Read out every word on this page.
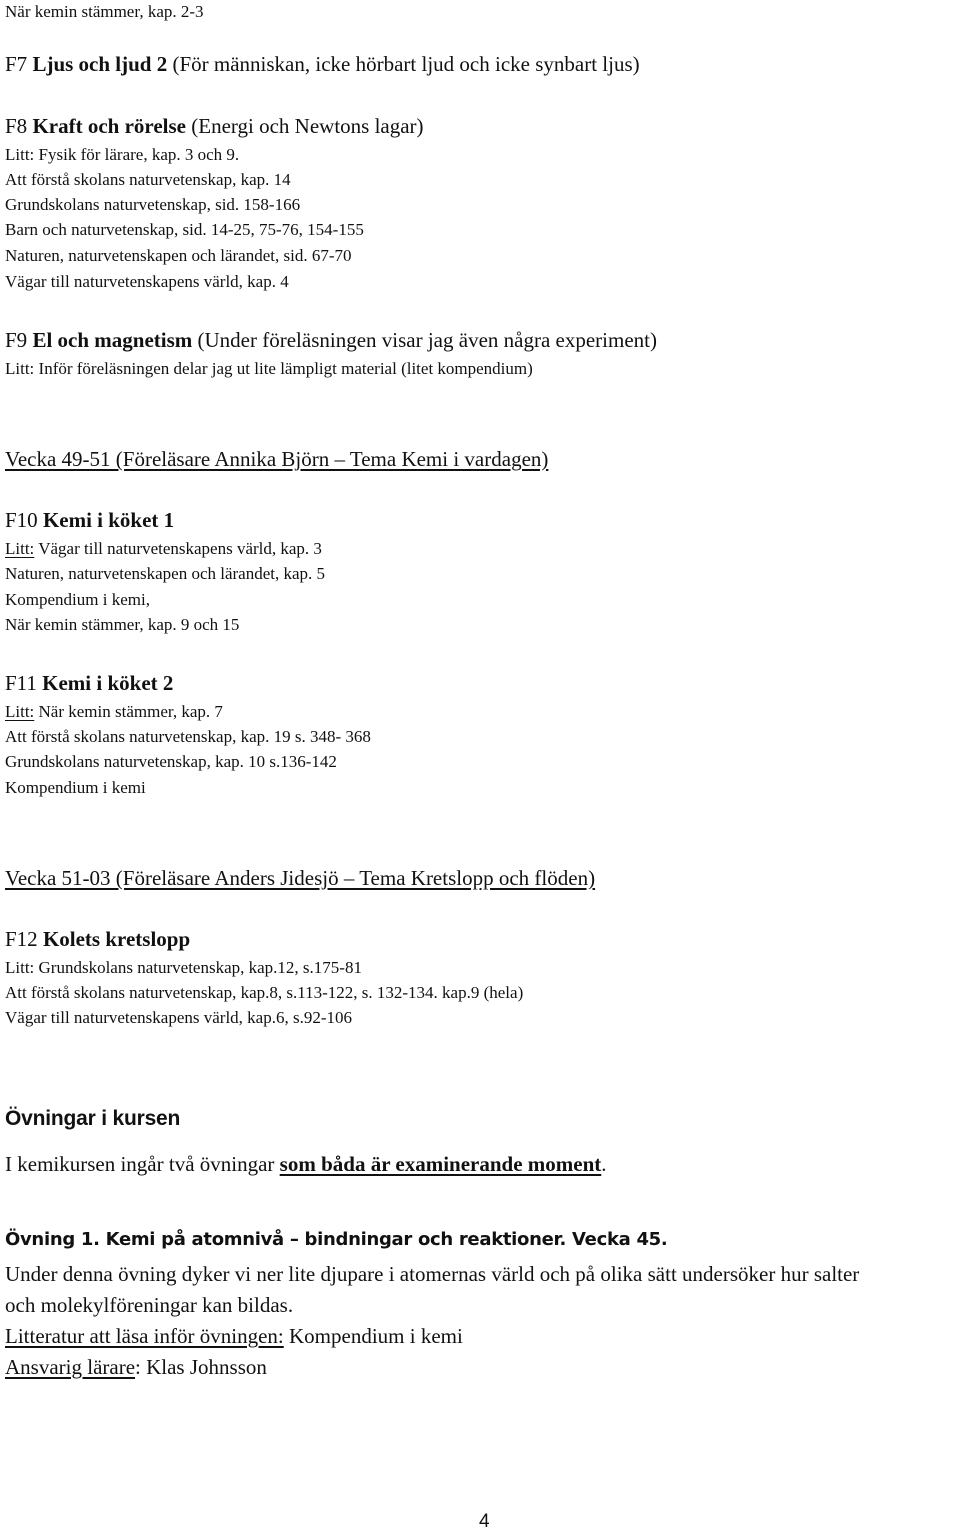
När kemin stämmer, kap. 2-3
F7 Ljus och ljud 2 (För människan, icke hörbart ljud och icke synbart ljus)
F8 Kraft och rörelse (Energi och Newtons lagar)
Litt: Fysik för lärare, kap. 3 och 9.
Att förstå skolans naturvetenskap, kap. 14
Grundskolans naturvetenskap, sid. 158-166
Barn och naturvetenskap, sid. 14-25, 75-76, 154-155
Naturen, naturvetenskapen och lärandet, sid. 67-70
Vägar till naturvetenskapens värld, kap. 4
F9 El och magnetism (Under föreläsningen visar jag även några experiment)
Litt: Inför föreläsningen delar jag ut lite lämpligt material (litet kompendium)
Vecka 49-51 (Föreläsare Annika Björn – Tema Kemi i vardagen)
F10 Kemi i köket 1
Litt: Vägar till naturvetenskapens värld, kap. 3
Naturen, naturvetenskapen och lärandet, kap. 5
Kompendium i kemi,
När kemin stämmer, kap. 9 och 15
F11 Kemi i köket 2
Litt: När kemin stämmer, kap. 7
Att förstå skolans naturvetenskap, kap. 19 s. 348- 368
Grundskolans naturvetenskap, kap. 10 s.136-142
Kompendium i kemi
Vecka 51-03 (Föreläsare Anders Jidesjö – Tema Kretslopp och flöden)
F12 Kolets kretslopp
Litt: Grundskolans naturvetenskap, kap.12, s.175-81
Att förstå skolans naturvetenskap, kap.8, s.113-122, s. 132-134. kap.9 (hela)
Vägar till naturvetenskapens värld, kap.6, s.92-106
Övningar i kursen
I kemikursen ingår två övningar som båda är examinerande moment.
Övning 1. Kemi på atomnivå – bindningar och reaktioner. Vecka 45.
Under denna övning dyker vi ner lite djupare i atomernas värld och på olika sätt undersöker hur salter
och molekylföreningar kan bildas.
Litteratur att läsa inför övningen: Kompendium i kemi
Ansvarig lärare: Klas Johnsson
4
